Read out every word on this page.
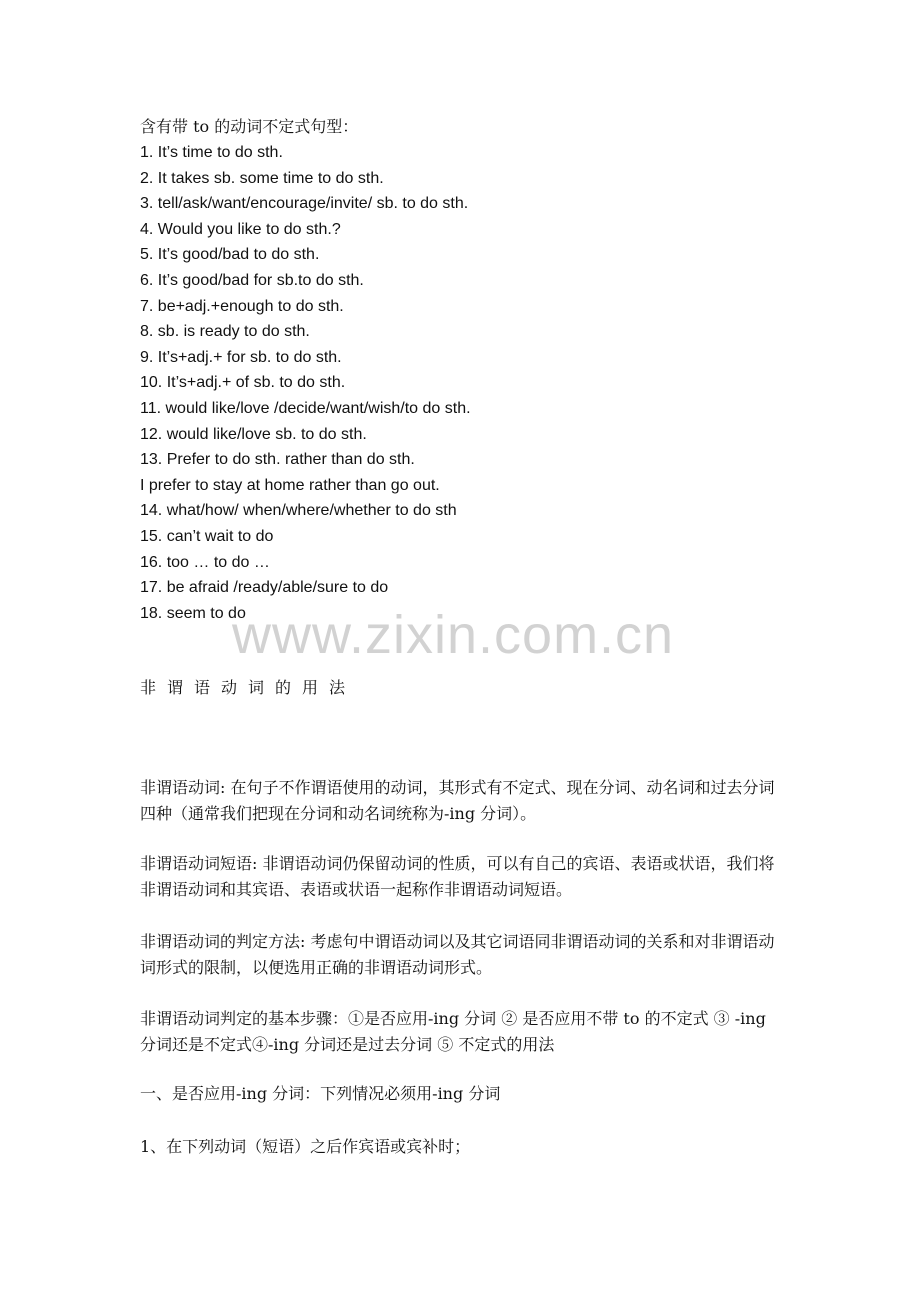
含有带 to 的动词不定式句型：
1. It’s time to do sth.
2. It takes sb. some time to do sth.
3. tell/ask/want/encourage/invite/ sb. to do sth.
4. Would you like to do sth.?
5. It’s good/bad to do sth.
6. It’s good/bad for sb.to do sth.
7. be+adj.+enough to do sth.
8. sb. is ready to do sth.
9. It’s+adj.+ for sb. to do sth.
10. It’s+adj.+ of sb. to do sth.
11. would like/love /decide/want/wish/to do sth.
12. would like/love sb. to do sth.
13. Prefer to do sth. rather than do sth.
I prefer to stay at home rather than go out.
14. what/how/ when/where/whether to do sth
15. can’t wait to do
16. too … to do …
17. be afraid /ready/able/sure to do
18. seem to do
www.zixin.com.cn
非谓语动词的用法
非谓语动词: 在句子不作谓语使用的动词，其形式有不定式、现在分词、动名词和过去分词四种（通常我们把现在分词和动名词统称为-ing 分词）。
非谓语动词短语: 非谓语动词仍保留动词的性质，可以有自己的宾语、表语或状语，我们将非谓语动词和其宾语、表语或状语一起称作非谓语动词短语。
非谓语动词的判定方法: 考虑句中谓语动词以及其它词语同非谓语动词的关系和对非谓语动词形式的限制，以便选用正确的非谓语动词形式。
非谓语动词判定的基本步骤：①是否应用-ing 分词 ② 是否应用不带 to 的不定式 ③ -ing 分词还是不定式④-ing 分词还是过去分词 ⑤ 不定式的用法
一、是否应用-ing 分词：下列情况必须用-ing 分词
1、在下列动词（短语）之后作宾语或宾补时；
